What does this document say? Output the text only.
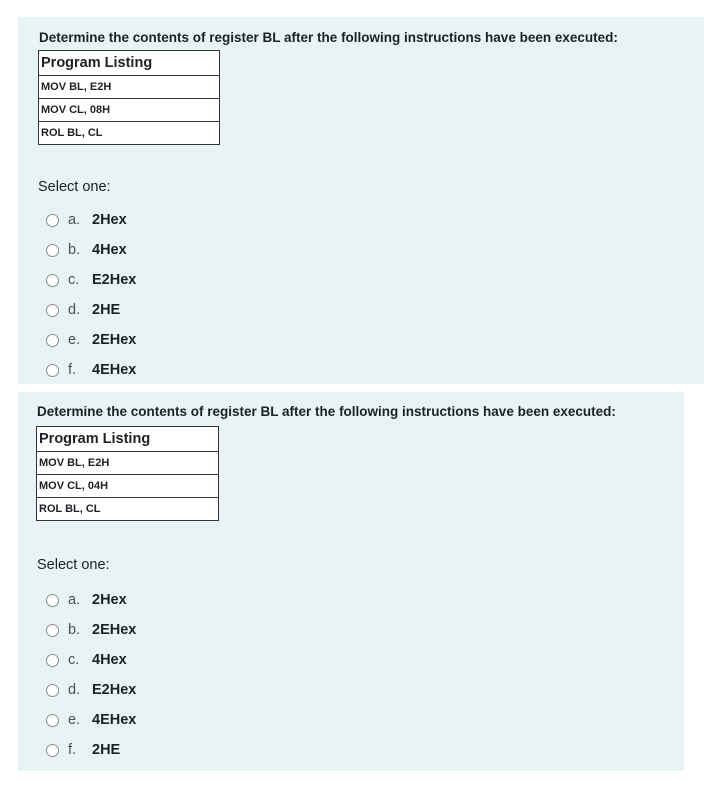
Determine the contents of register BL after the following instructions have been executed:
Program Listing
MOV BL, E2H
MOV CL, 08H
ROL BL, CL
Select one:
a. 2Hex
b. 4Hex
c. E2Hex
d. 2HE
e. 2EHex
f.	4EHex
Determine the contents of register BL after the following instructions have been executed:
Program Listing
MOV BL, E2H
MOV CL, 04H
ROL BL, CL
Select one:
a. 2Hex
b. 2EHex
c. 4Hex
d. E2Hex
e. 4EHex
f.	2HE
